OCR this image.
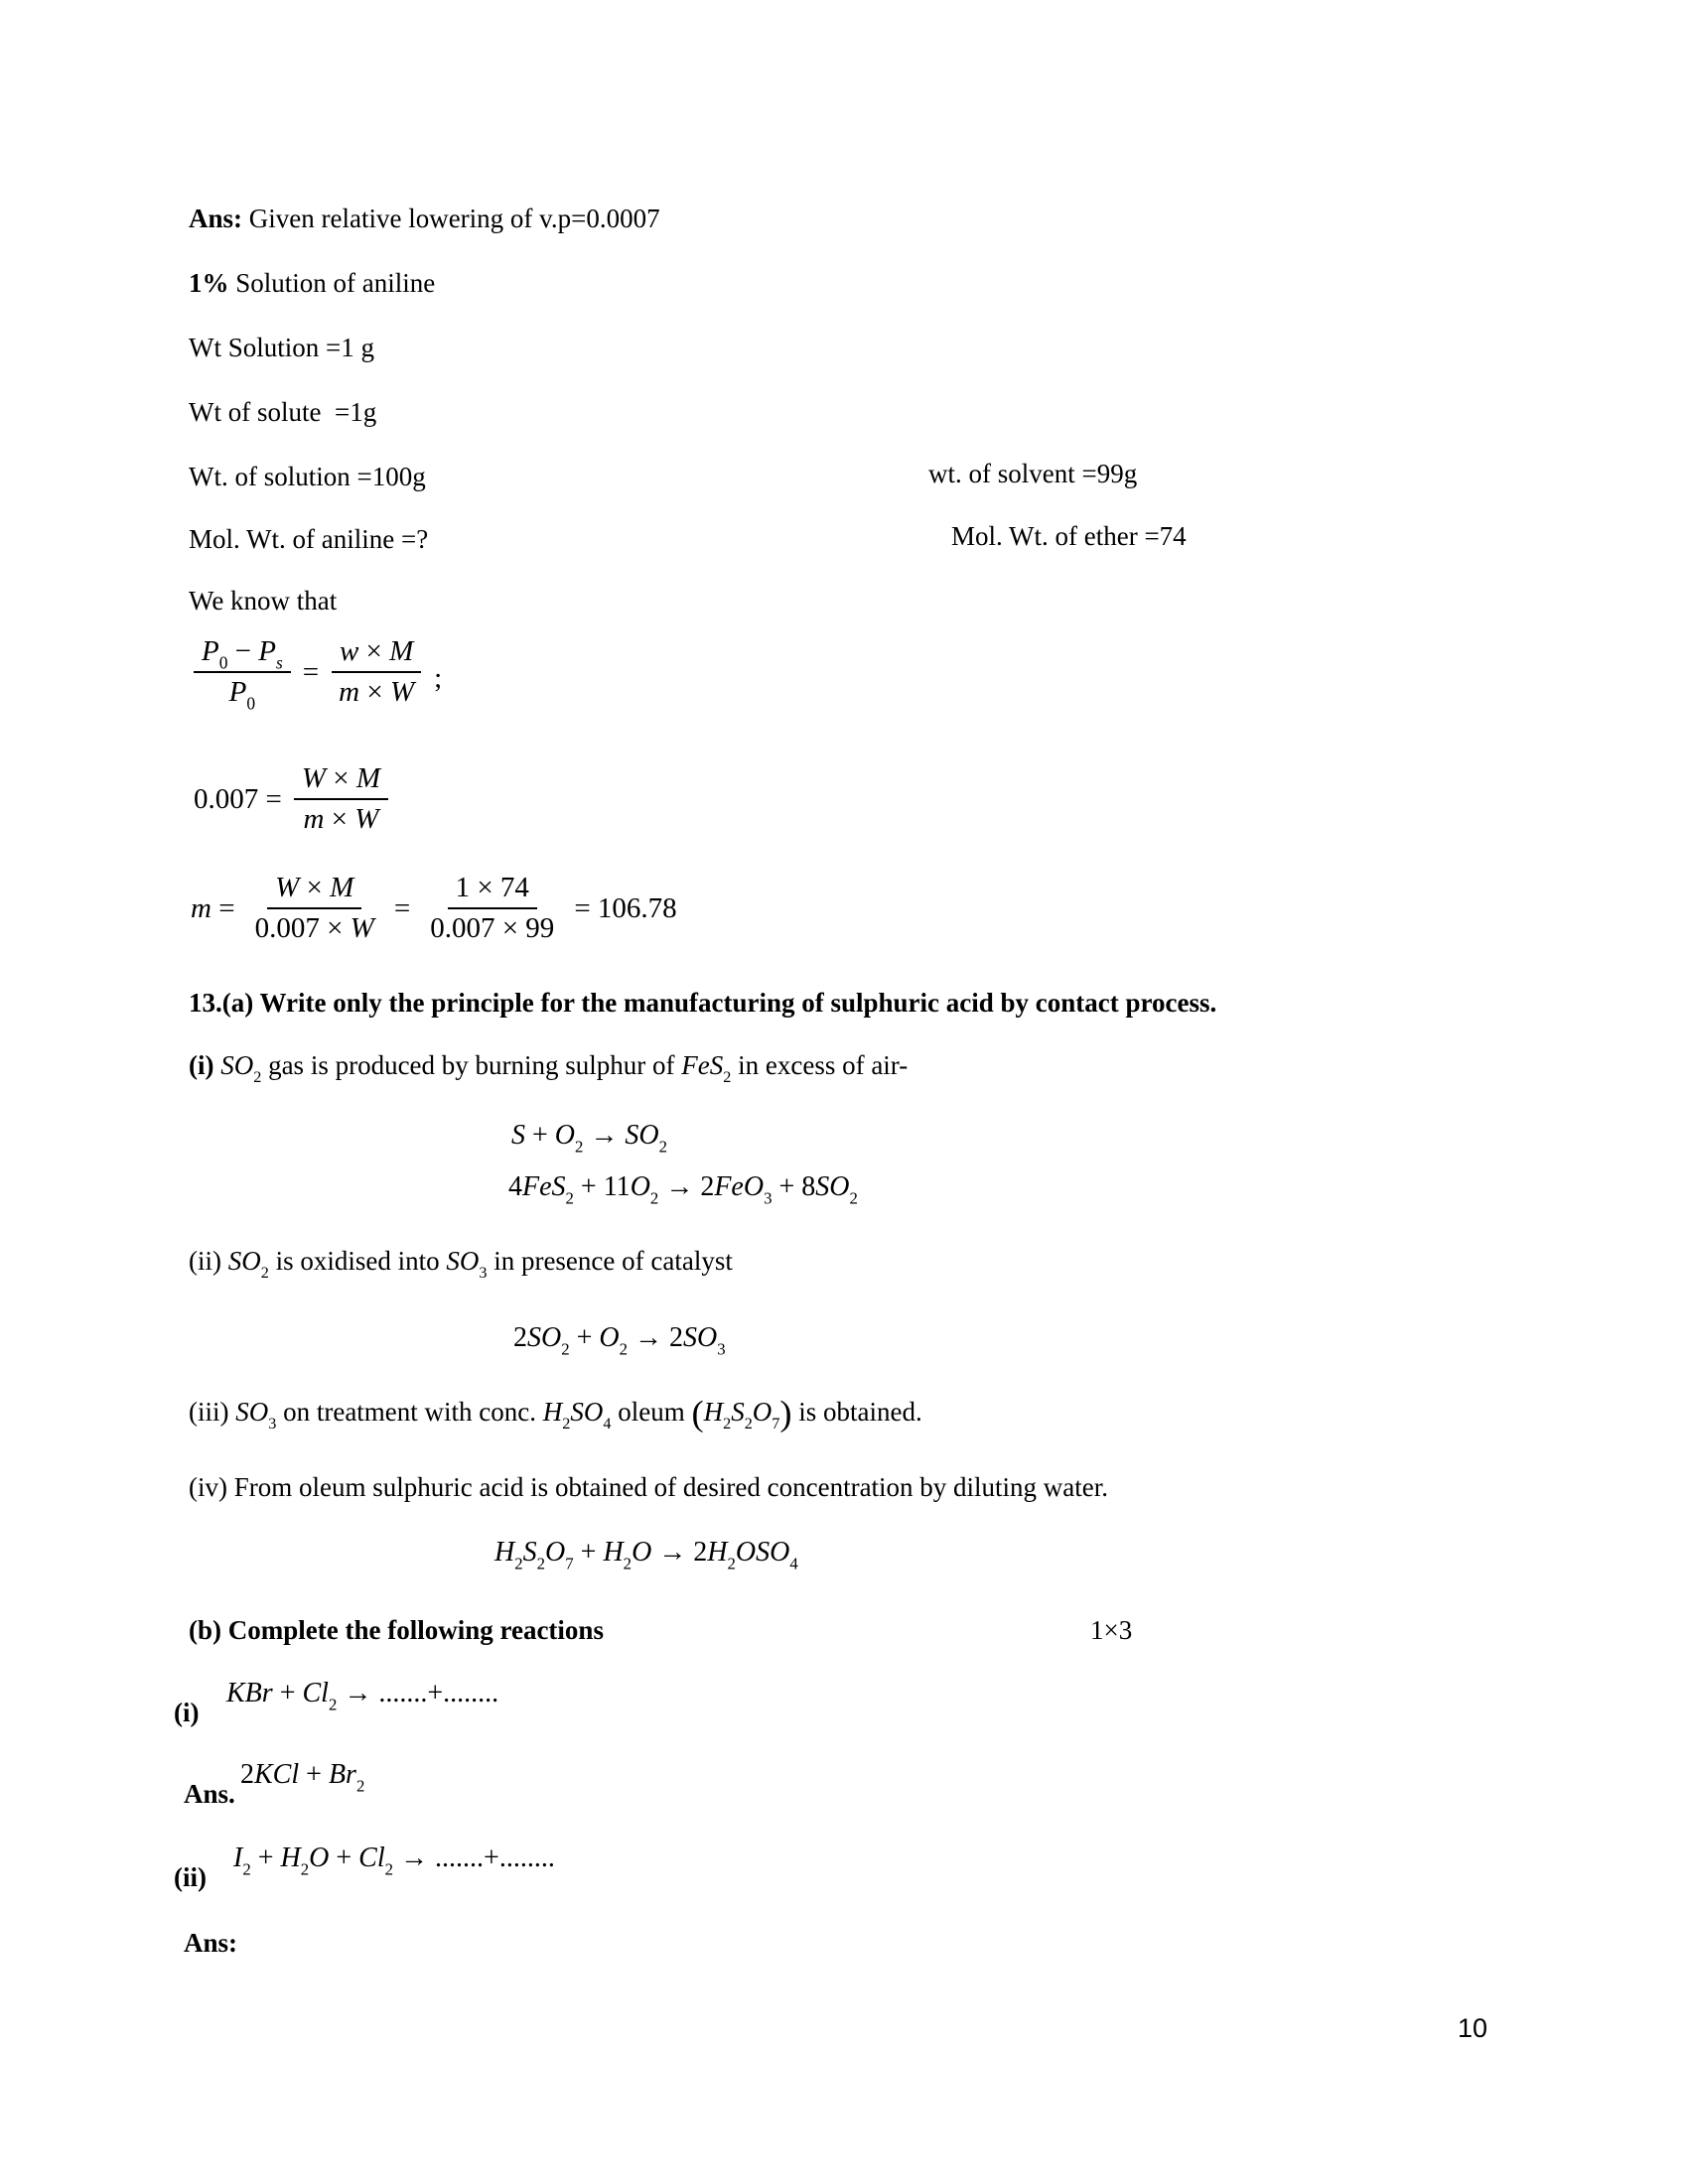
Ans: Given relative lowering of v.p=0.0007
1% Solution of aniline
Wt Solution =1 g
Wt of solute  =1g
Wt. of solution =100g	wt. of solvent =99g
Mol. Wt. of aniline =?	Mol. Wt. of ether =74
We know that
$\frac{P_0 - P_s}{P_0} = \frac{w \times M}{m \times W}$ ;
$0.007 = \frac{W \times M}{m \times W}$
$m = \frac{W \times M}{0.007 \times W} = \frac{1 \times 74}{0.007 \times 99} = 106.78$
13.(a) Write only the principle for the manufacturing of sulphuric acid by contact process.
(i) $SO_2$ gas is produced by burning sulphur of FeS$_2$ in excess of air-
$S + O_2 \to SO_2$
$4FeS_2 + 11O_2 \to 2FeO_3 + 8SO_2$
(ii) $SO_2$ is oxidised into $SO_3$ in presence of catalyst
$2SO_2 + O_2 \to 2SO_3$
(iii) $SO_3$ on treatment with conc. $H_2SO_4$ oleum $(H_2S_2O_7)$ is obtained.
(iv) From oleum sulphuric acid is obtained of desired concentration by diluting water.
$H_2S_2O_7 + H_2O \to 2H_2OSO_4$
(b) Complete the following reactions	1×3
(i)
KBr + $Cl_2$ → .......+........
Ans.
$2KCl + Br_2$
(ii)
$I_2 + H_2O + Cl_2$ → .......+........
Ans:
10
